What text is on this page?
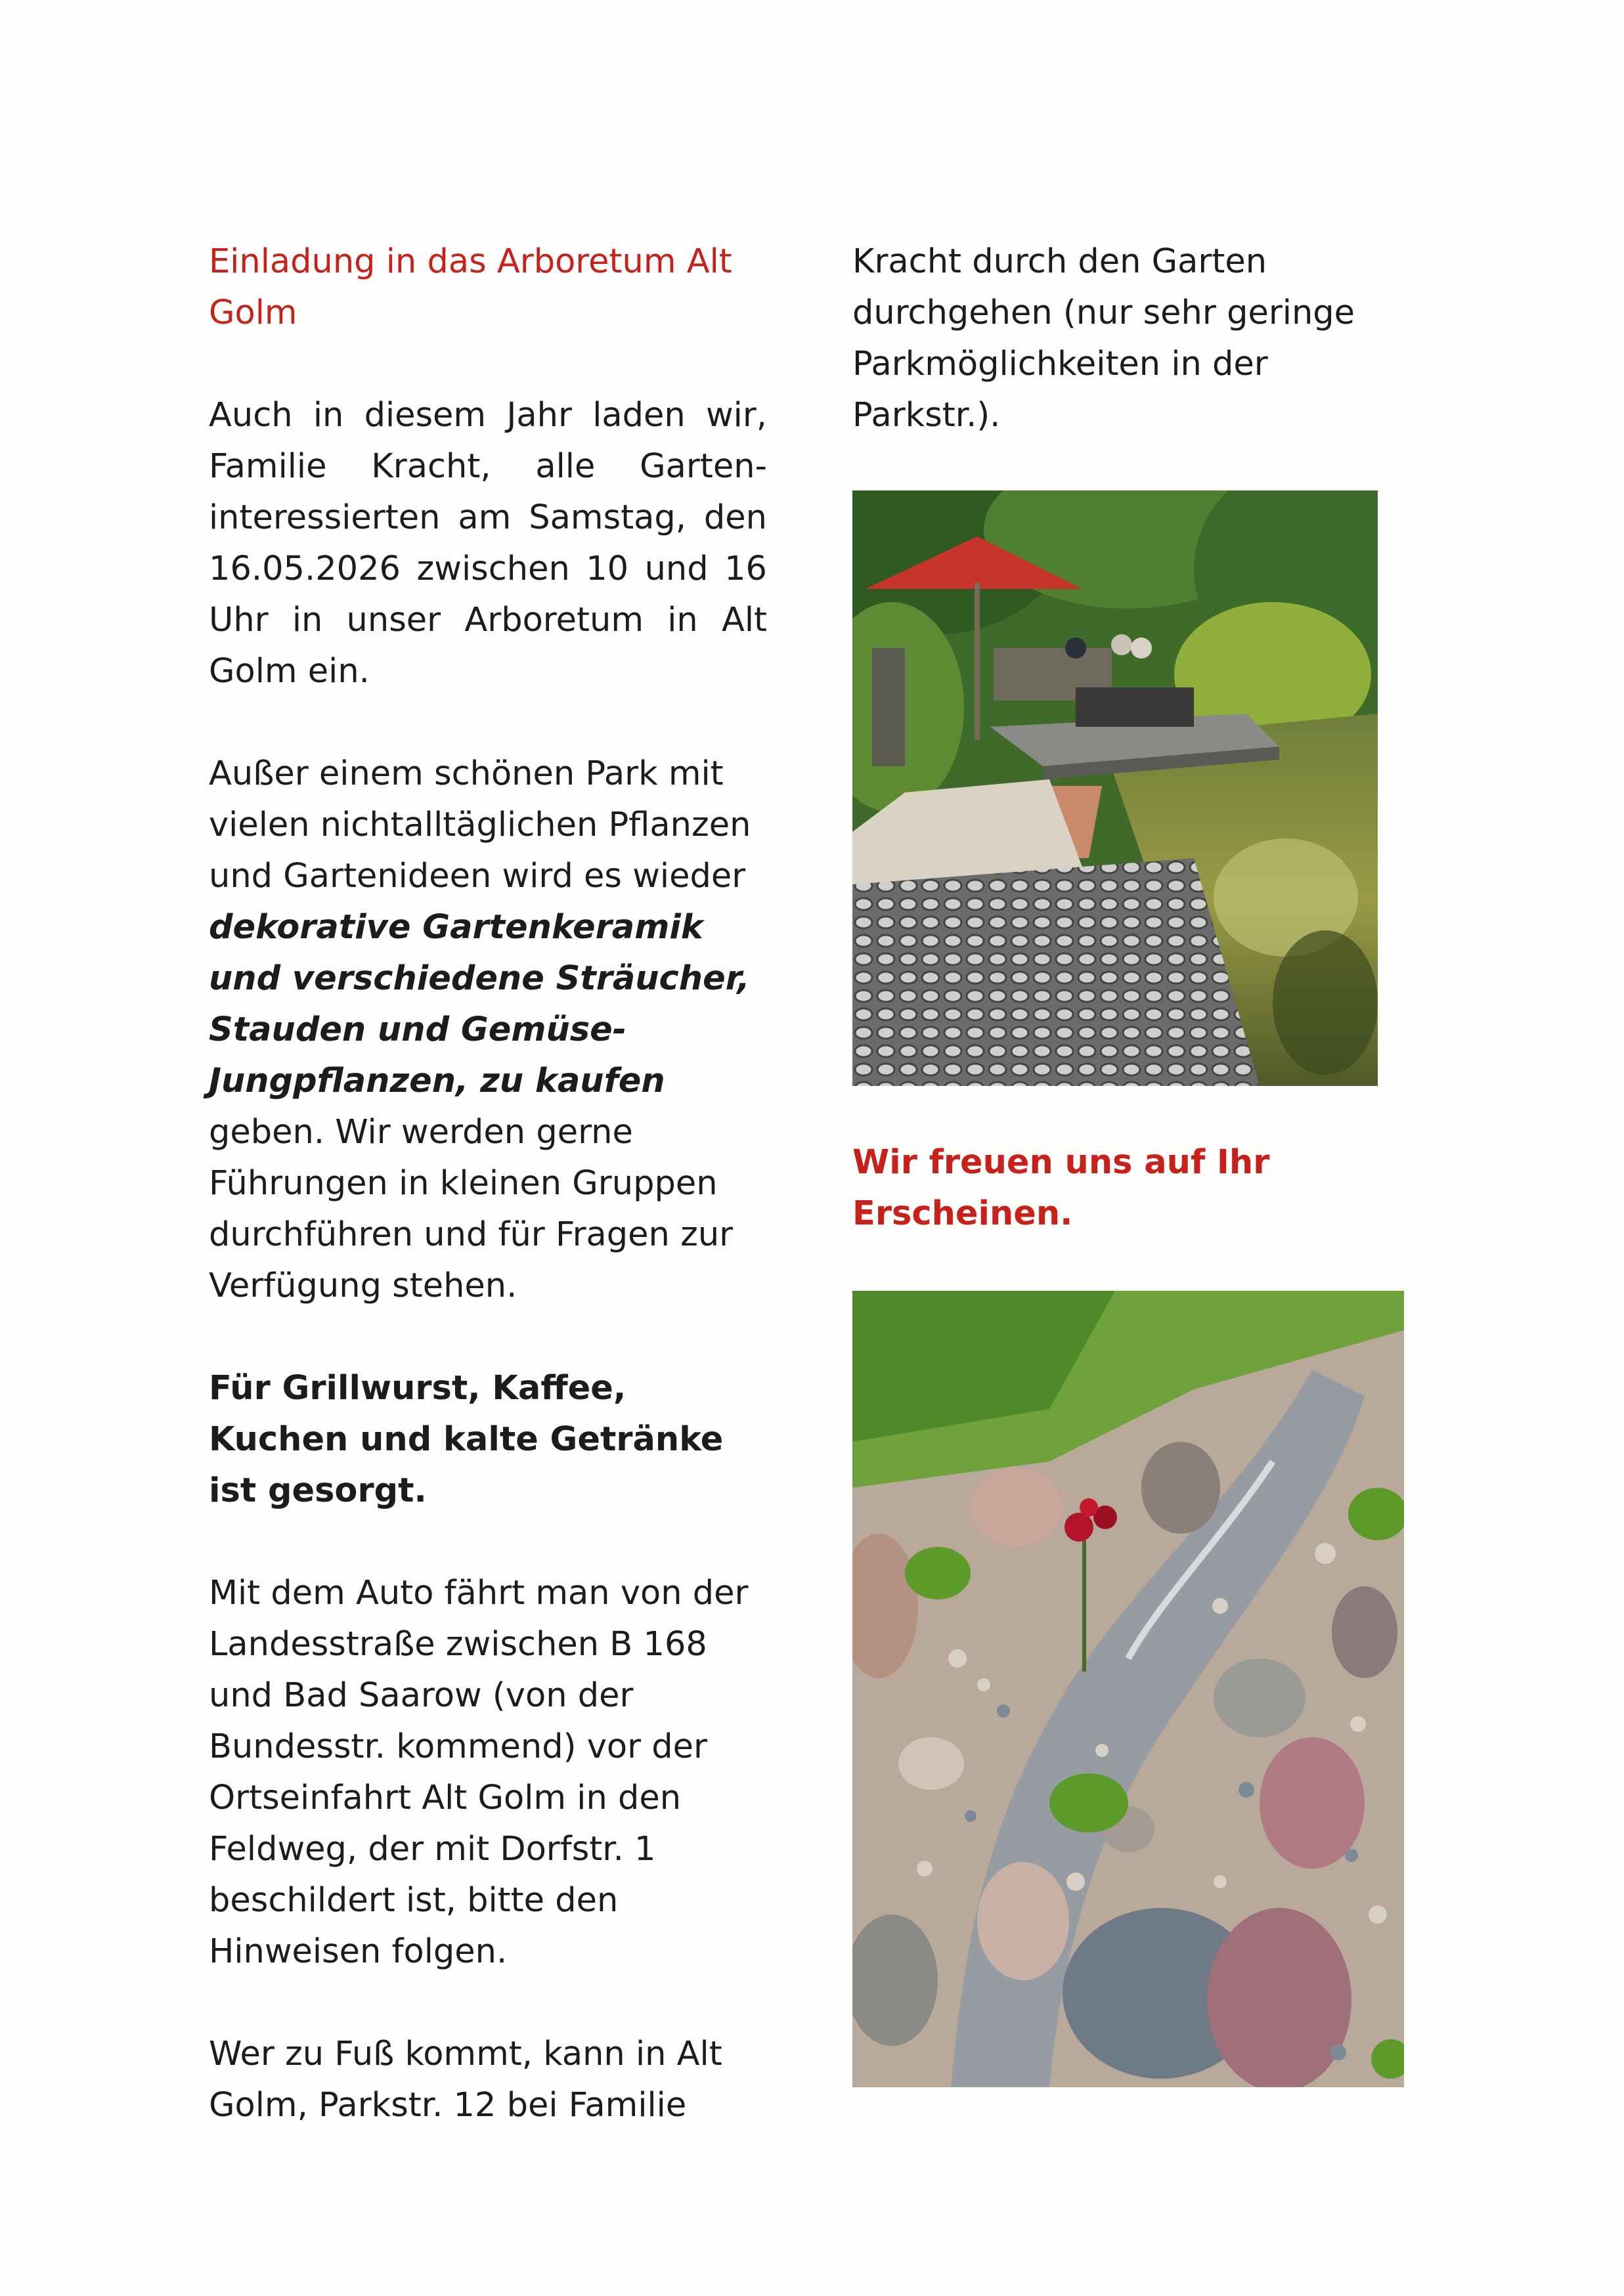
Einladung in das Arboretum Alt Golm

Auch in diesem Jahr laden wir, Familie Kracht, alle Garten-interessierten am Samstag, den 16.05.2026 zwischen 10 und 16 Uhr in unser Arboretum in Alt Golm ein.

Außer einem schönen Park mit vielen nichtalltäglichen Pflanzen und Gartenideen wird es wieder dekorative Gartenkeramik und verschiedene Sträucher, Stauden und Gemüse-Jungpflanzen, zu kaufen geben. Wir werden gerne Führungen in kleinen Gruppen durchführen und für Fragen zur Verfügung stehen.

Für Grillwurst, Kaffee, Kuchen und kalte Getränke ist gesorgt.

Mit dem Auto fährt man von der Landesstraße zwischen B 168 und Bad Saarow (von der Bundesstr. kommend) vor der Ortseinfahrt Alt Golm in den Feldweg, der mit Dorfstr. 1 beschildert ist, bitte den Hinweisen folgen.

Wer zu Fuß kommt, kann in Alt Golm, Parkstr. 12 bei Familie

Kracht durch den Garten durchgehen (nur sehr geringe Parkmöglichkeiten in der Parkstr.).

Wir freuen uns auf Ihr Erscheinen.
